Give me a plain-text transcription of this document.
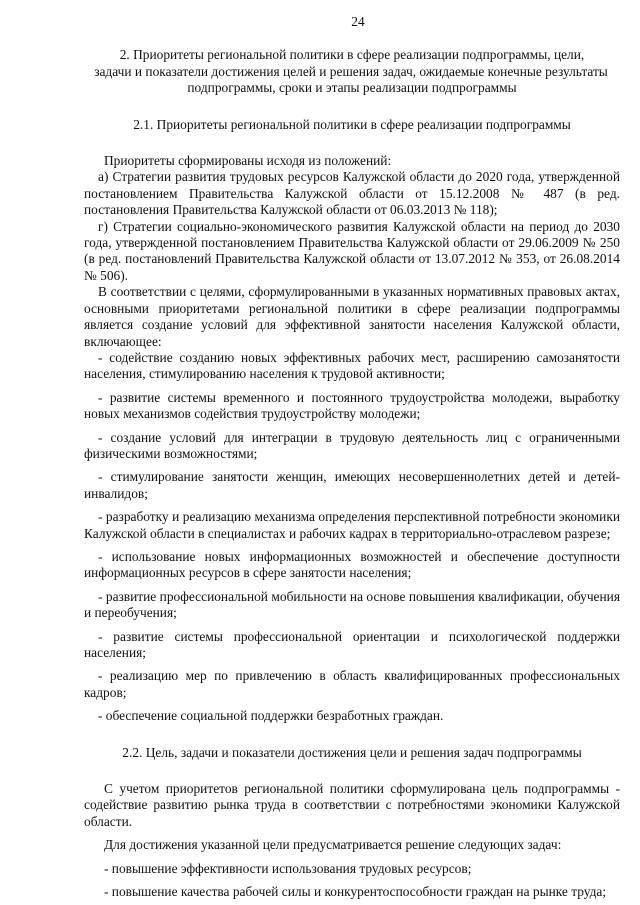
24
2. Приоритеты региональной политики в сфере реализации подпрограммы, цели,
задачи и показатели достижения целей и решения задач, ожидаемые конечные результаты
подпрограммы, сроки и этапы реализации подпрограммы
2.1. Приоритеты региональной политики в сфере реализации подпрограммы

Приоритеты сформированы исходя из положений:

а) Стратегии развития трудовых ресурсов Калужской области до 2020 года, утвержденной постановлением Правительства Калужской области от 15.12.2008 № 487 (в ред. постановления Правительства Калужской области от 06.03.2013 № 118);

г) Стратегии социально-экономического развития Калужской области на период до 2030 года, утвержденной постановлением Правительства Калужской области от 29.06.2009 № 250 (в ред. постановлений Правительства Калужской области от 13.07.2012 № 353, от 26.08.2014 № 506).

В соответствии с целями, сформулированными в указанных нормативных правовых актах, основными приоритетами региональной политики в сфере реализации подпрограммы является создание условий для эффективной занятости населения Калужской области, включающее:

- содействие созданию новых эффективных рабочих мест, расширению самозанятости населения, стимулированию населения к трудовой активности;

- развитие системы временного и постоянного трудоустройства молодежи, выработку новых механизмов содействия трудоустройству молодежи;

- создание условий для интеграции в трудовую деятельность лиц с ограниченными физическими возможностями;

- стимулирование занятости женщин, имеющих несовершеннолетних детей и детей-инвалидов;

- разработку и реализацию механизма определения перспективной потребности экономики Калужской области в специалистах и рабочих кадрах в территориально-отраслевом разрезе;

- использование новых информационных возможностей и обеспечение доступности информационных ресурсов в сфере занятости населения;

- развитие профессиональной мобильности на основе повышения квалификации, обучения и переобучения;

- развитие системы профессиональной ориентации и психологической поддержки населения;

- реализацию мер по привлечению в область квалифицированных профессиональных кадров;

- обеспечение социальной поддержки безработных граждан.

2.2. Цель, задачи и показатели достижения цели и решения задач подпрограммы

С учетом приоритетов региональной политики сформулирована цель подпрограммы - содействие развитию рынка труда в соответствии с потребностями экономики Калужской области.

Для достижения указанной цели предусматривается решение следующих задач:

- повышение эффективности использования трудовых ресурсов;

- повышение качества рабочей силы и конкурентоспособности граждан на рынке труда;
